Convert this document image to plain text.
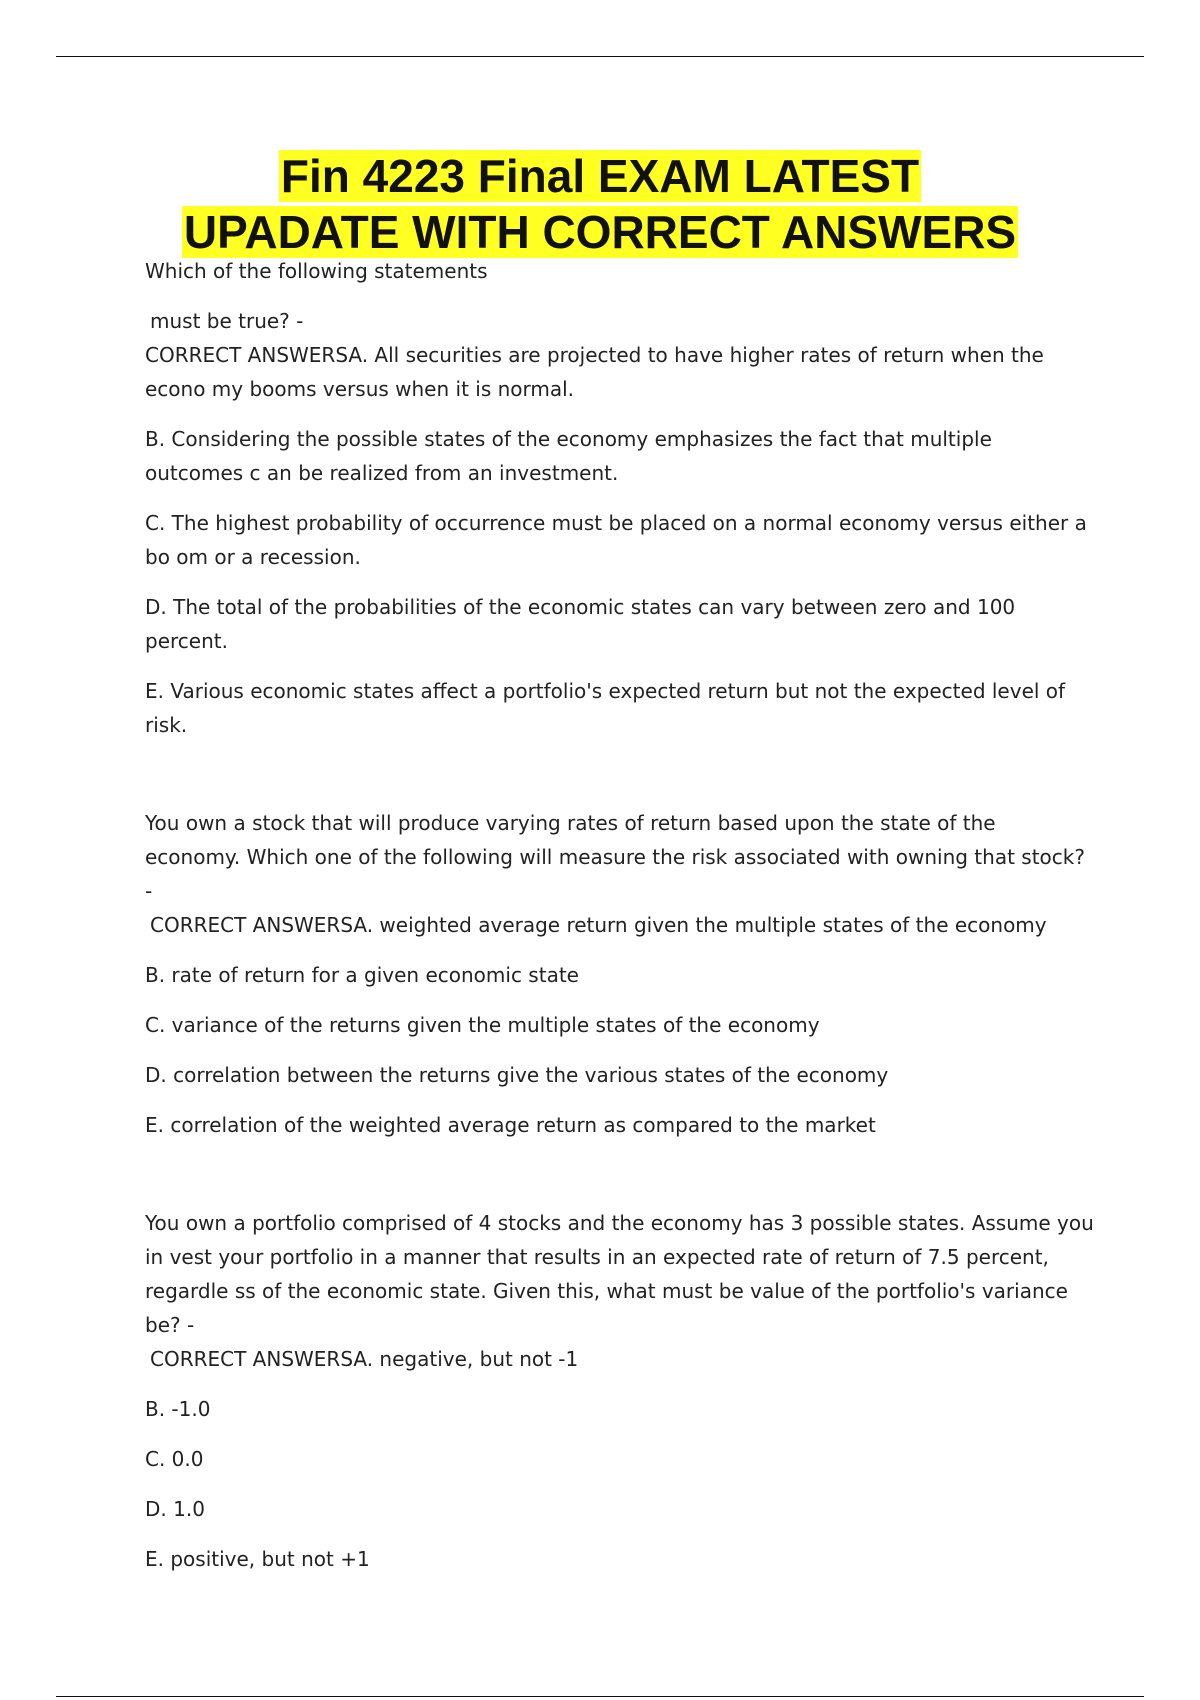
Fin 4223 Final EXAM LATEST
UPADATE WITH CORRECT ANSWERS

Which of the following statements

must be true? -

CORRECT ANSWERSA. All securities are projected to have higher rates of return when the econo my booms versus when it is normal.

B. Considering the possible states of the economy emphasizes the fact that multiple outcomes c an be realized from an investment.

C. The highest probability of occurrence must be placed on a normal economy versus either a bo om or a recession.

D. The total of the probabilities of the economic states can vary between zero and 100 percent.

E. Various economic states affect a portfolio's expected return but not the expected level of risk.

You own a stock that will produce varying rates of return based upon the state of the economy. Which one of the following will measure the risk associated with owning that stock? -

CORRECT ANSWERSA. weighted average return given the multiple states of the economy

B. rate of return for a given economic state

C. variance of the returns given the multiple states of the economy

D. correlation between the returns give the various states of the economy

E. correlation of the weighted average return as compared to the market

You own a portfolio comprised of 4 stocks and the economy has 3 possible states. Assume you in vest your portfolio in a manner that results in an expected rate of return of 7.5 percent, regardle ss of the economic state. Given this, what must be value of the portfolio's variance be? -

CORRECT ANSWERSA. negative, but not -1

B. -1.0

C. 0.0

D. 1.0

E. positive, but not +1
